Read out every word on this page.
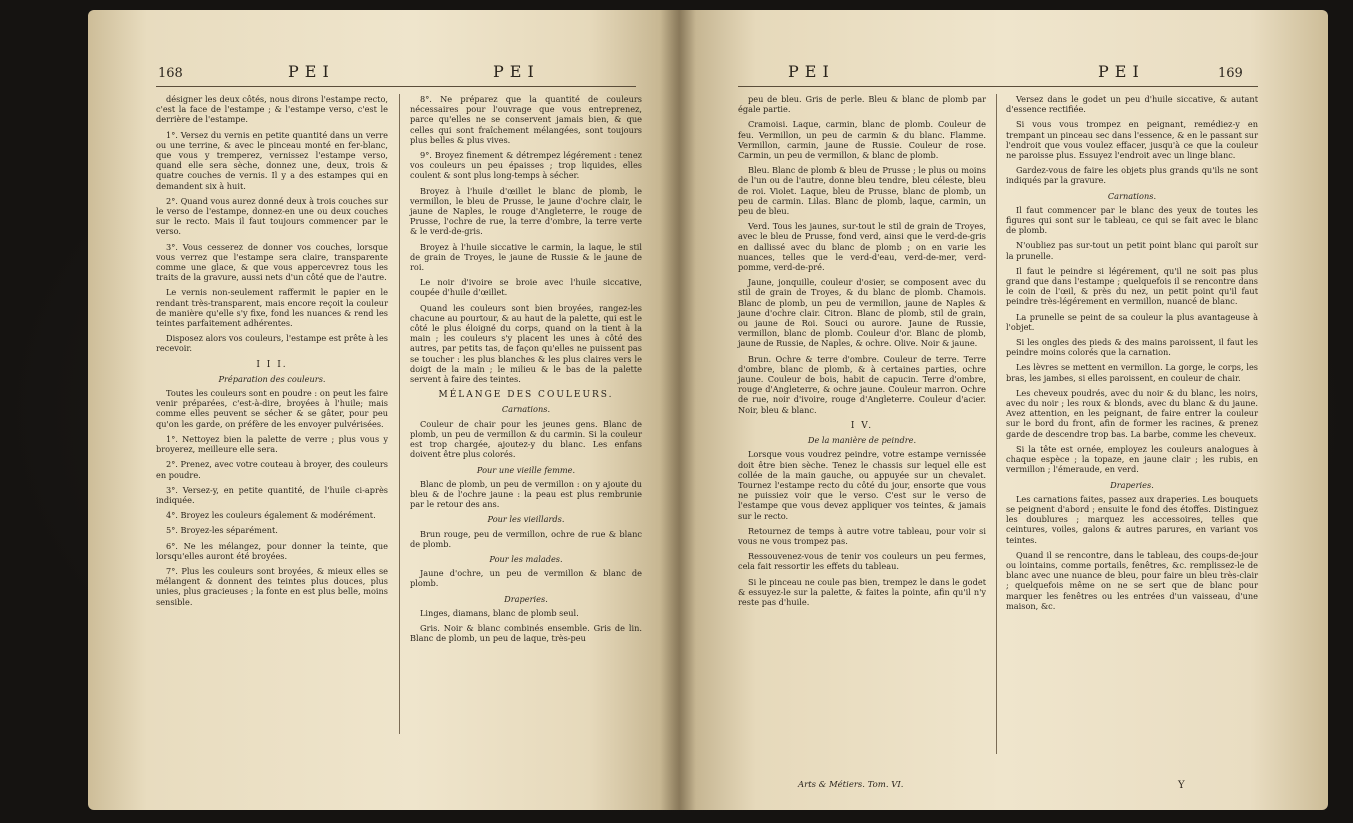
168	PEI	PEI

désigner les deux côtés, nous dirons l'estampe recto, c'est la face de l'estampe ; & l'estampe verso, c'est le derrière de l'estampe.

1°. Versez du vernis en petite quantité dans un verre ou une terrine, & avec le pinceau monté en fer-blanc, que vous y tremperez, vernissez l'estampe verso, quand elle sera sèche, donnez une, deux, trois & quatre couches de vernis. Il y a des estampes qui en demandent six à huit.

2°. Quand vous aurez donné deux à trois couches sur le verso de l'estampe, donnez-en une ou deux couches sur le recto. Mais il faut toujours commencer par le verso.

3°. Vous cesserez de donner vos couches, lorsque vous verrez que l'estampe sera claire, transparente comme une glace, & que vous appercevrez tous les traits de la gravure, aussi nets d'un côté que de l'autre.

Le vernis non-seulement raffermit le papier en le rendant très-transparent, mais encore reçoit la couleur de manière qu'elle s'y fixe, fond les nuances & rend les teintes parfaitement adhérentes.

Disposez alors vos couleurs, l'estampe est prête à les recevoir.

I I I.

Préparation des couleurs.

Toutes les couleurs sont en poudre : on peut les faire venir préparées, c'est-à-dire, broyées à l'huile; mais comme elles peuvent se sécher & se gâter, pour peu qu'on les garde, on préfère de les envoyer pulvérisées.

1°. Nettoyez bien la palette de verre ; plus vous y broyerez, meilleure elle sera.

2°. Prenez, avec votre couteau à broyer, des couleurs en poudre.

3°. Versez-y, en petite quantité, de l'huile ci-après indiquée.

4°. Broyez les couleurs également & modérément.

5°. Broyez-les séparément.

6°. Ne les mélangez, pour donner la teinte, que lorsqu'elles auront été broyées.

7°. Plus les couleurs sont broyées, & mieux elles se mélangent & donnent des teintes plus douces, plus unies, plus gracieuses ; la fonte en est plus belle, moins sensible.

8°. Ne préparez que la quantité de couleurs nécessaires pour l'ouvrage que vous entreprenez, parce qu'elles ne se conservent jamais bien, & que celles qui sont fraîchement mélangées, sont toujours plus belles & plus vives.

9°. Broyez finement & détrempez légérement : tenez vos couleurs un peu épaisses ; trop liquides, elles coulent & sont plus long-temps à sécher.

Broyez à l'huile d'œillet le blanc de plomb, le vermillon, le bleu de Prusse, le jaune d'ochre clair, le jaune de Naples, le rouge d'Angleterre, le rouge de Prusse, l'ochre de rue, la terre d'ombre, la terre verte & le verd-de-gris.

Broyez à l'huile siccative le carmin, la laque, le stil de grain de Troyes, le jaune de Russie & le jaune de roi.

Le noir d'ivoire se broie avec l'huile siccative, coupée d'huile d'œillet.

Quand les couleurs sont bien broyées, rangez-les chacune au pourtour, & au haut de la palette, qui est le côté le plus éloigné du corps, quand on la tient à la main ; les couleurs s'y placent les unes à côté des autres, par petits tas, de façon qu'elles ne puissent pas se toucher : les plus blanches & les plus claires vers le doigt de la main ; le milieu & le bas de la palette servent à faire des teintes.

MÉLANGE DES COULEURS.

Carnations.

Couleur de chair pour les jeunes gens. Blanc de plomb, un peu de vermillon & du carmin. Si la couleur est trop chargée, ajoutez-y du blanc. Les enfans doivent être plus colorés.

Pour une vieille femme.

Blanc de plomb, un peu de vermillon : on y ajoute du bleu & de l'ochre jaune : la peau est plus rembrunie par le retour des ans.

Pour les vieillards.

Brun rouge, peu de vermillon, ochre de rue & blanc de plomb.

Pour les malades.

Jaune d'ochre, un peu de vermillon & blanc de plomb.

Draperies.

Linges, diamans, blanc de plomb seul.

Gris. Noir & blanc combinés ensemble. Gris de lin. Blanc de plomb, un peu de laque, très-peu

PEI	PEI	169

peu de bleu. Gris de perle. Bleu & blanc de plomb par égale partie.

Cramoisi. Laque, carmin, blanc de plomb. Couleur de feu. Vermillon, un peu de carmin & du blanc. Flamme. Vermillon, carmin, jaune de Russie. Couleur de rose. Carmin, un peu de vermillon, & blanc de plomb.

Bleu. Blanc de plomb & bleu de Prusse ; le plus ou moins de l'un ou de l'autre, donne bleu tendre, bleu céleste, bleu de roi. Violet. Laque, bleu de Prusse, blanc de plomb, un peu de carmin. Lilas. Blanc de plomb, laque, carmin, un peu de bleu.

Verd. Tous les jaunes, sur-tout le stil de grain de Troyes, avec le bleu de Prusse, fond verd, ainsi que le verd-de-gris en dallissé avec du blanc de plomb ; on en varie les nuances, telles que le verd-d'eau, verd-de-mer, verd-pomme, verd-de-pré.

Jaune, jonquille, couleur d'osier, se composent avec du stil de grain de Troyes, & du blanc de plomb. Chamois. Blanc de plomb, un peu de vermillon, jaune de Naples & jaune d'ochre clair. Citron. Blanc de plomb, stil de grain, ou jaune de Roi. Souci ou aurore. Jaune de Russie, vermillon, blanc de plomb. Couleur d'or. Blanc de plomb, jaune de Russie, de Naples, & ochre. Olive. Noir & jaune.

Brun. Ochre & terre d'ombre. Couleur de terre. Terre d'ombre, blanc de plomb, & à certaines parties, ochre jaune. Couleur de bois, habit de capucin. Terre d'ombre, rouge d'Angleterre, & ochre jaune. Couleur marron. Ochre de rue, noir d'ivoire, rouge d'Angleterre. Couleur d'acier. Noir, bleu & blanc.

I V.

De la manière de peindre.

Lorsque vous voudrez peindre, votre estampe vernissée doit être bien sèche. Tenez le chassis sur lequel elle est collée de la main gauche, ou appuyée sur un chevalet. Tournez l'estampe recto du côté du jour, ensorte que vous ne puissiez voir que le verso. C'est sur le verso de l'estampe que vous devez appliquer vos teintes, & jamais sur le recto.

Retournez de temps à autre votre tableau, pour voir si vous ne vous trompez pas.

Ressouvenez-vous de tenir vos couleurs un peu fermes, cela fait ressortir les effets du tableau.

Si le pinceau ne coule pas bien, trempez le dans le godet & essuyez-le sur la palette, & faites la pointe, afin qu'il n'y reste pas d'huile.

Versez dans le godet un peu d'huile siccative, & autant d'essence rectifiée.

Si vous vous trompez en peignant, remédiez-y en trempant un pinceau sec dans l'essence, & en le passant sur l'endroit que vous voulez effacer, jusqu'à ce que la couleur ne paroisse plus. Essuyez l'endroit avec un linge blanc.

Gardez-vous de faire les objets plus grands qu'ils ne sont indiqués par la gravure.

Carnations.

Il faut commencer par le blanc des yeux de toutes les figures qui sont sur le tableau, ce qui se fait avec le blanc de plomb.

N'oubliez pas sur-tout un petit point blanc qui paroît sur la prunelle.

Il faut le peindre si légérement, qu'il ne soit pas plus grand que dans l'estampe ; quelquefois il se rencontre dans le coin de l'œil, & près du nez, un petit point qu'il faut peindre très-légérement en vermillon, nuancé de blanc.

La prunelle se peint de sa couleur la plus avantageuse à l'objet.

Si les ongles des pieds & des mains paroissent, il faut les peindre moins colorés que la carnation.

Les lèvres se mettent en vermillon. La gorge, le corps, les bras, les jambes, si elles paroissent, en couleur de chair.

Les cheveux poudrés, avec du noir & du blanc, les noirs, avec du noir ; les roux & blonds, avec du blanc & du jaune. Avez attention, en les peignant, de faire entrer la couleur sur le bord du front, afin de former les racines, & prenez garde de descendre trop bas. La barbe, comme les cheveux.

Si la tête est ornée, employez les couleurs analogues à chaque espèce ; la topaze, en jaune clair ; les rubis, en vermillon ; l'émeraude, en verd.

Draperies.

Les carnations faites, passez aux draperies. Les bouquets se peignent d'abord ; ensuite le fond des étoffes. Distinguez les doublures ; marquez les accessoires, telles que ceintures, voiles, galons & autres parures, en variant vos teintes.

Quand il se rencontre, dans le tableau, des coups-de-jour ou lointains, comme portails, fenêtres, &c. remplissez-le de blanc avec une nuance de bleu, pour faire un bleu très-clair ; quelquefois même on ne se sert que de blanc pour marquer les fenêtres ou les entrées d'un vaisseau, d'une maison, &c.

Arts & Métiers. Tom. VI.	Y
